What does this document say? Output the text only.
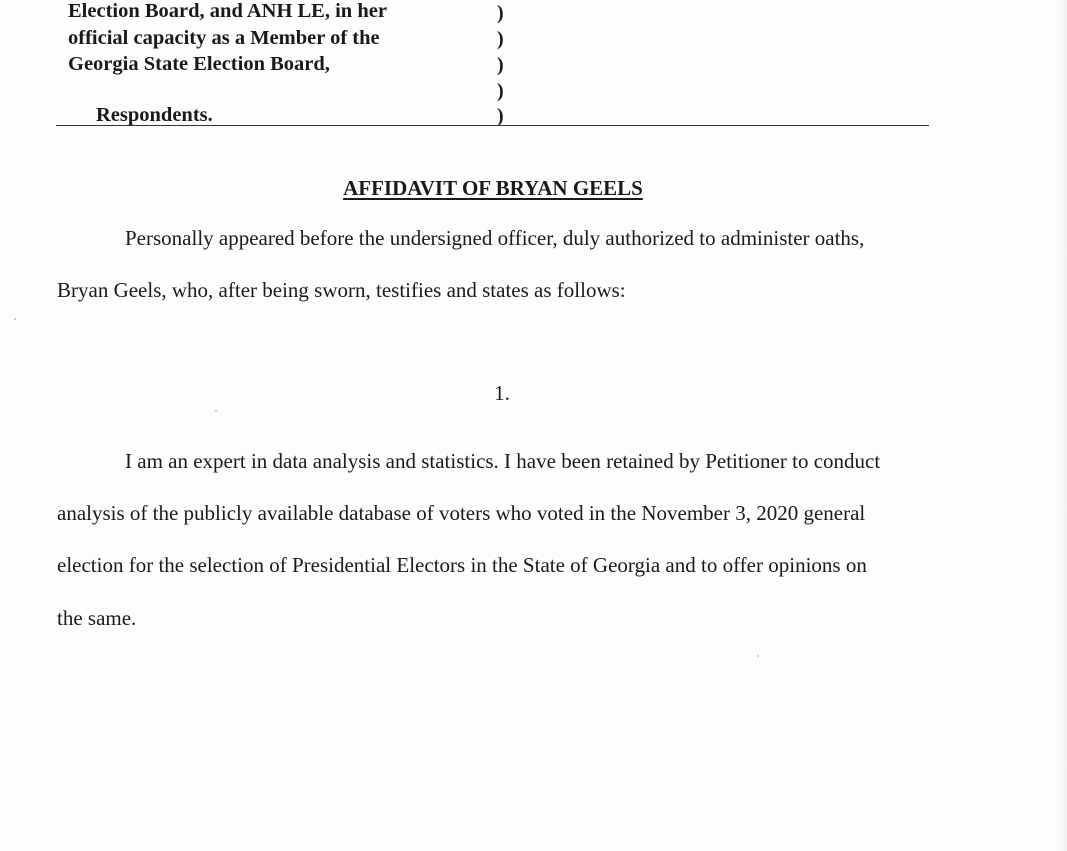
Election Board, and ANH LE, in her
official capacity as a Member of the
Georgia State Election Board,
Respondents.
)
)
)
)
)
AFFIDAVIT OF BRYAN GEELS
Personally appeared before the undersigned officer, duly authorized to administer oaths,
Bryan Geels, who, after being sworn, testifies and states as follows:
1.
I am an expert in data analysis and statistics. I have been retained by Petitioner to conduct
analysis of the publicly available database of voters who voted in the November 3, 2020 general
election for the selection of Presidential Electors in the State of Georgia and to offer opinions on
the same.
